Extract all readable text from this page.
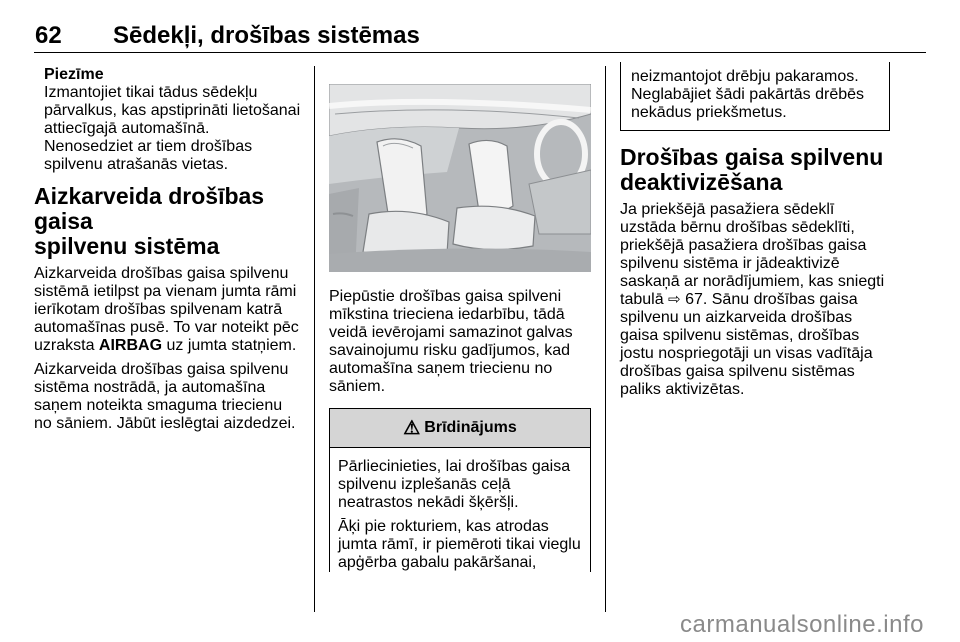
62 Sēdekļi, drošības sistēmas
Piezīme

Izmantojiet tikai tādus sēdekļu

pārvalkus, kas apstiprināti lietošanai

attiecīgajā automašīnā.

Nenosedziet ar tiem drošības

spilvenu atrašanās vietas.

Aizkarveida drošības gaisa
spilvenu sistēma

Aizkarveida drošības gaisa spilvenu

sistēmā ietilpst pa vienam jumta rāmi

ierīkotam drošības spilvenam katrā

automašīnas pusē. To var noteikt pēc

uzraksta AIRBAG uz jumta statņiem.

Aizkarveida drošības gaisa spilvenu

sistēma nostrādā, ja automašīna

saņem noteikta smaguma triecienu

no sāniem. Jābūt ieslēgtai aizdedzei.

Piepūstie drošības gaisa spilveni

mīkstina trieciena iedarbību, tādā

veidā ievērojami samazinot galvas

savainojumu risku gadījumos, kad

automašīna saņem triecienu no

sāniem.

⚠ Brīdinājums

Pārliecinieties, lai drošības gaisa

spilvenu izplešanās ceļā

neatrastos nekādi šķēršļi.

Āķi pie rokturiem, kas atrodas

jumta rāmī, ir piemēroti tikai vieglu

apģērba gabalu pakāršanai,

neizmantojot drēbju pakaramos.

Neglabājiet šādi pakārtās drēbēs

nekādus priekšmetus.

Drošības gaisa spilvenu
deaktivizēšana

Ja priekšējā pasažiera sēdeklī

uzstāda bērnu drošības sēdeklīti,

priekšējā pasažiera drošības gaisa

spilvenu sistēma ir jādeaktivizē

saskaņā ar norādījumiem, kas sniegti

tabulā ⇨ 67. Sānu drošības gaisa

spilvenu un aizkarveida drošības

gaisa spilvenu sistēmas, drošības

jostu nospriegotāji un visas vadītāja

drošības gaisa spilvenu sistēmas

paliks aktivizētas.

carmanualsonline.info
